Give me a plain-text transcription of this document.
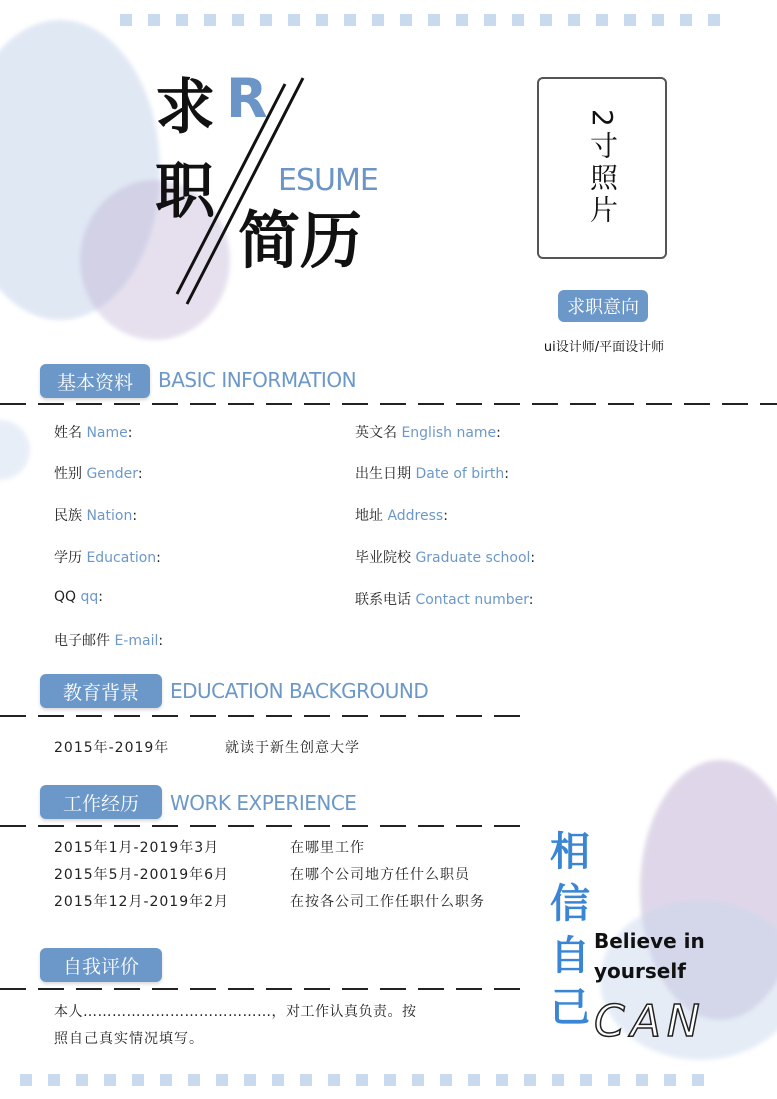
求
职
R
ESUME
简历
2寸照片
求职意向
ui设计师/平面设计师
基本资料	BASIC INFORMATION
姓名 Name:	英文名 English name:
性别 Gender:	出生日期 Date of birth:
民族 Nation:	地址 Address:
学历 Education:	毕业院校 Graduate school:
QQ qq:	联系电话 Contact number:
电子邮件 E-mail:
教育背景	EDUCATION BACKGROUND
2015年-2019年	就读于新生创意大学
工作经历	WORK EXPERIENCE
2015年1月-2019年3月	在哪里工作
2015年5月-20019年6月	在哪个公司地方任什么职员
2015年12月-2019年2月	在按各公司工作任职什么职务
自我评价
本人…………………………………，对工作认真负责。按
照自己真实情况填写。
相
信
自
己
Believe in
yourself
CAN
